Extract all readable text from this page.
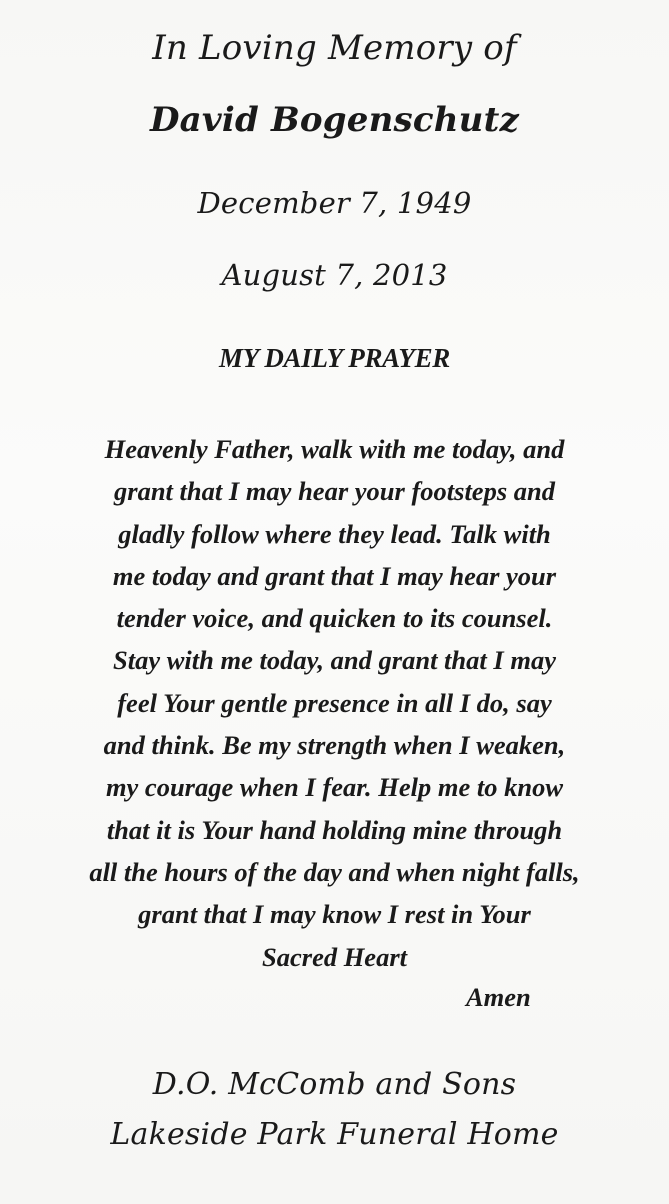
In Loving Memory of
David Bogenschutz
December 7, 1949
August 7, 2013
MY DAILY PRAYER
Heavenly Father, walk with me today, and
grant that I may hear your footsteps and
gladly follow where they lead. Talk with
me today and grant that I may hear your
tender voice, and quicken to its counsel.
Stay with me today, and grant that I may
feel Your gentle presence in all I do, say
and think. Be my strength when I weaken,
my courage when I fear. Help me to know
that it is Your hand holding mine through
all the hours of the day and when night falls,
grant that I may know I rest in Your
Sacred Heart
Amen
D.O. McComb and Sons
Lakeside Park Funeral Home
